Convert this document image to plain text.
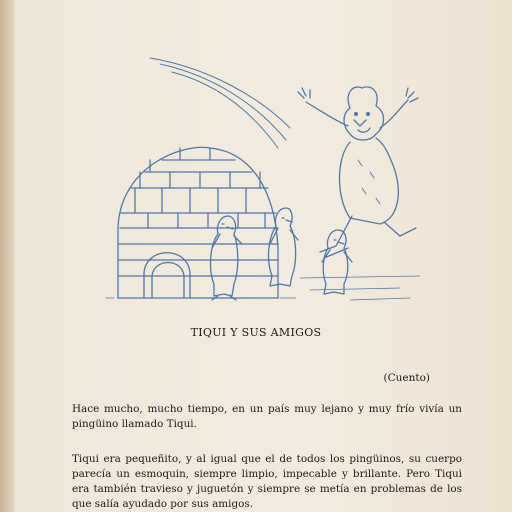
TIQUI Y SUS AMIGOS
(Cuento)
Hace mucho, mucho tiempo, en un país muy lejano y muy frío vivía un pingüino llamado Tiqui.
Tiqui era pequeñito, y al igual que el de todos los pingüinos, su cuerpo parecía un esmoquin, siempre limpio, impecable y brillante. Pero Tiqui era también travieso y juguetón y siempre se metía en problemas de los que salía ayudado por sus amigos.
